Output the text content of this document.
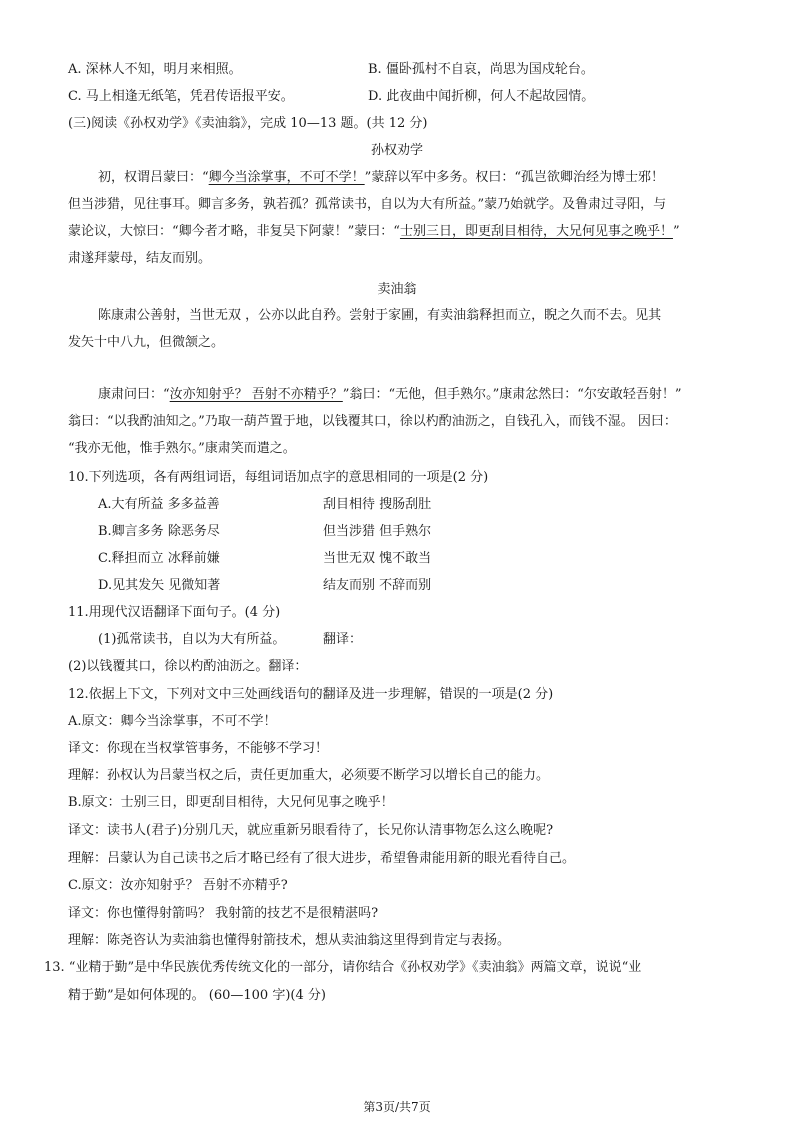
A. 深林人不知，明月来相照。	B. 僵卧孤村不自哀，尚思为国戍轮台。
C. 马上相逢无纸笔，凭君传语报平安。	D. 此夜曲中闻折柳，何人不起故园情。
(三)阅读《孙权劝学》《卖油翁》，完成 10—13 题。(共 12 分)
孙权劝学
初，权谓吕蒙曰：“卿今当涂掌事，不可不学！”蒙辞以军中多务。权曰：“孤岂欲卿治经为博士邪！
但当涉猎，见往事耳。卿言多务，孰若孤？孤常读书，自以为大有所益。”蒙乃始就学。及鲁肃过寻阳，与
蒙论议，大惊曰：“卿今者才略，非复吴下阿蒙！”蒙曰：“士别三日，即更刮目相待，大兄何见事之晚乎！”
肃遂拜蒙母，结友而别。
卖油翁
陈康肃公善射，当世无双 ，公亦以此自矜。尝射于家圃，有卖油翁释担而立，睨之久而不去。见其
发矢十中八九，但微颔之。
康肃问曰：“汝亦知射乎？ 吾射不亦精乎？”翁曰：“无他，但手熟尔。”康肃忿然曰：“尔安敢轻吾射！”
翁曰：“以我酌油知之。”乃取一葫芦置于地，以钱覆其口，徐以杓酌油沥之，自钱孔入，而钱不湿。 因曰：
“我亦无他，惟手熟尔。”康肃笑而遣之。
10.下列选项，各有两组词语，每组词语加点字的意思相同的一项是(2 分)
A.大有所益 多多益善	刮目相待 搜肠刮肚
B.卿言多务 除恶务尽	但当涉猎 但手熟尔
C.释担而立 冰释前嫌	当世无双 愧不敢当
D.见其发矢 见微知著	结友而别 不辞而别
11.用现代汉语翻译下面句子。(4 分)
(1)孤常读书，自以为大有所益。	翻译：
(2)以钱覆其口，徐以杓酌油沥之。翻译：
12.依据上下文，下列对文中三处画线语句的翻译及进一步理解，错误的一项是(2 分)
A.原文：卿今当涂掌事，不可不学！
译文：你现在当权掌管事务，不能够不学习！
理解：孙权认为吕蒙当权之后，责任更加重大，必须要不断学习以增长自己的能力。
B.原文：士别三日，即更刮目相待，大兄何见事之晚乎！
译文：读书人(君子)分别几天，就应重新另眼看待了，长兄你认清事物怎么这么晚呢?
理解：吕蒙认为自己读书之后才略已经有了很大进步，希望鲁肃能用新的眼光看待自己。
C.原文：汝亦知射乎？ 吾射不亦精乎?
译文：你也懂得射箭吗？ 我射箭的技艺不是很精湛吗?
理解：陈尧咨认为卖油翁也懂得射箭技术，想从卖油翁这里得到肯定与表扬。
13. “业精于勤”是中华民族优秀传统文化的一部分，请你结合《孙权劝学》《卖油翁》两篇文章，说说“业
精于勤”是如何体现的。 (60—100 字)(4 分)
第3页/共7页
